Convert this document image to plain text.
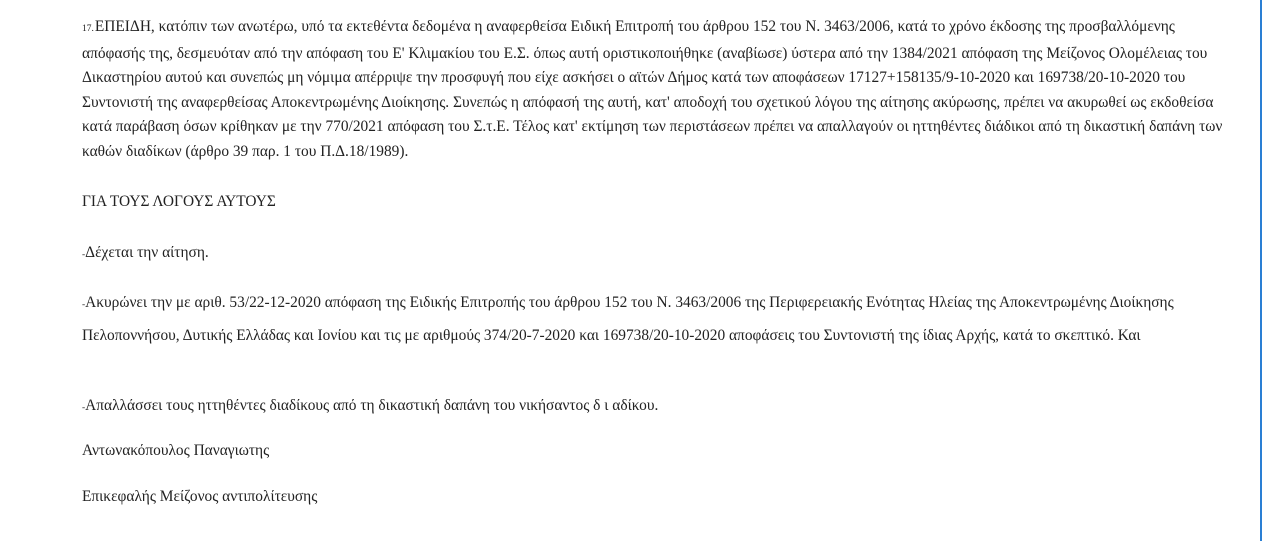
17.ΕΠΕΙΔΗ, κατόπιν των ανωτέρω, υπό τα εκτεθέντα δεδομένα η αναφερθείσα Ειδική Επιτροπή του άρθρου 152 του Ν. 3463/2006, κατά το χρόνο έκδοσης της προσβαλλόμενης απόφασής της, δεσμευόταν από την απόφαση του Ε' Κλιμακίου του Ε.Σ. όπως αυτή οριστικοποιήθηκε (αναβίωσε) ύστερα από την 1384/2021 απόφαση της Μείζονος Ολομέλειας του Δικαστηρίου αυτού και συνεπώς μη νόμιμα απέρριψε την προσφυγή που είχε ασκήσει ο αϊτών Δήμος κατά των αποφάσεων 17127+158135/9-10-2020 και 169738/20-10-2020 του Συντονιστή της αναφερθείσας Αποκεντρωμένης Διοίκησης. Συνεπώς η απόφασή της αυτή, κατ' αποδοχή του σχετικού λόγου της αίτησης ακύρωσης, πρέπει να ακυρωθεί ως εκδοθείσα κατά παράβαση όσων κρίθηκαν με την 770/2021 απόφαση του Σ.τ.Ε. Τέλος κατ' εκτίμηση των περιστάσεων πρέπει να απαλλαγούν οι ηττηθέντες διάδικοι από τη δικαστική δαπάνη των καθών διαδίκων (άρθρο 39 παρ. 1 του Π.Δ.18/1989).

ΓΙΑ ΤΟΥΣ ΛΟΓΟΥΣ ΑΥΤΟΥΣ

-Δέχεται την αίτηση.

-Ακυρώνει την με αριθ. 53/22-12-2020 απόφαση της Ειδικής Επιτροπής του άρθρου 152 του Ν. 3463/2006 της Περιφερειακής Ενότητας Ηλείας της Αποκεντρωμένης Διοίκησης Πελοποννήσου, Δυτικής Ελλάδας και Ιονίου και τις με αριθμούς 374/20-7-2020 και 169738/20-10-2020 αποφάσεις του Συντονιστή της ίδιας Αρχής, κατά το σκεπτικό. Και

-Απαλλάσσει τους ηττηθέντες διαδίκους από τη δικαστική δαπάνη του νικήσαντος δ ι αδίκου.

Αντωνακόπουλος Παναγιωτης

Επικεφαλής Μείζονος αντιπολίτευσης
